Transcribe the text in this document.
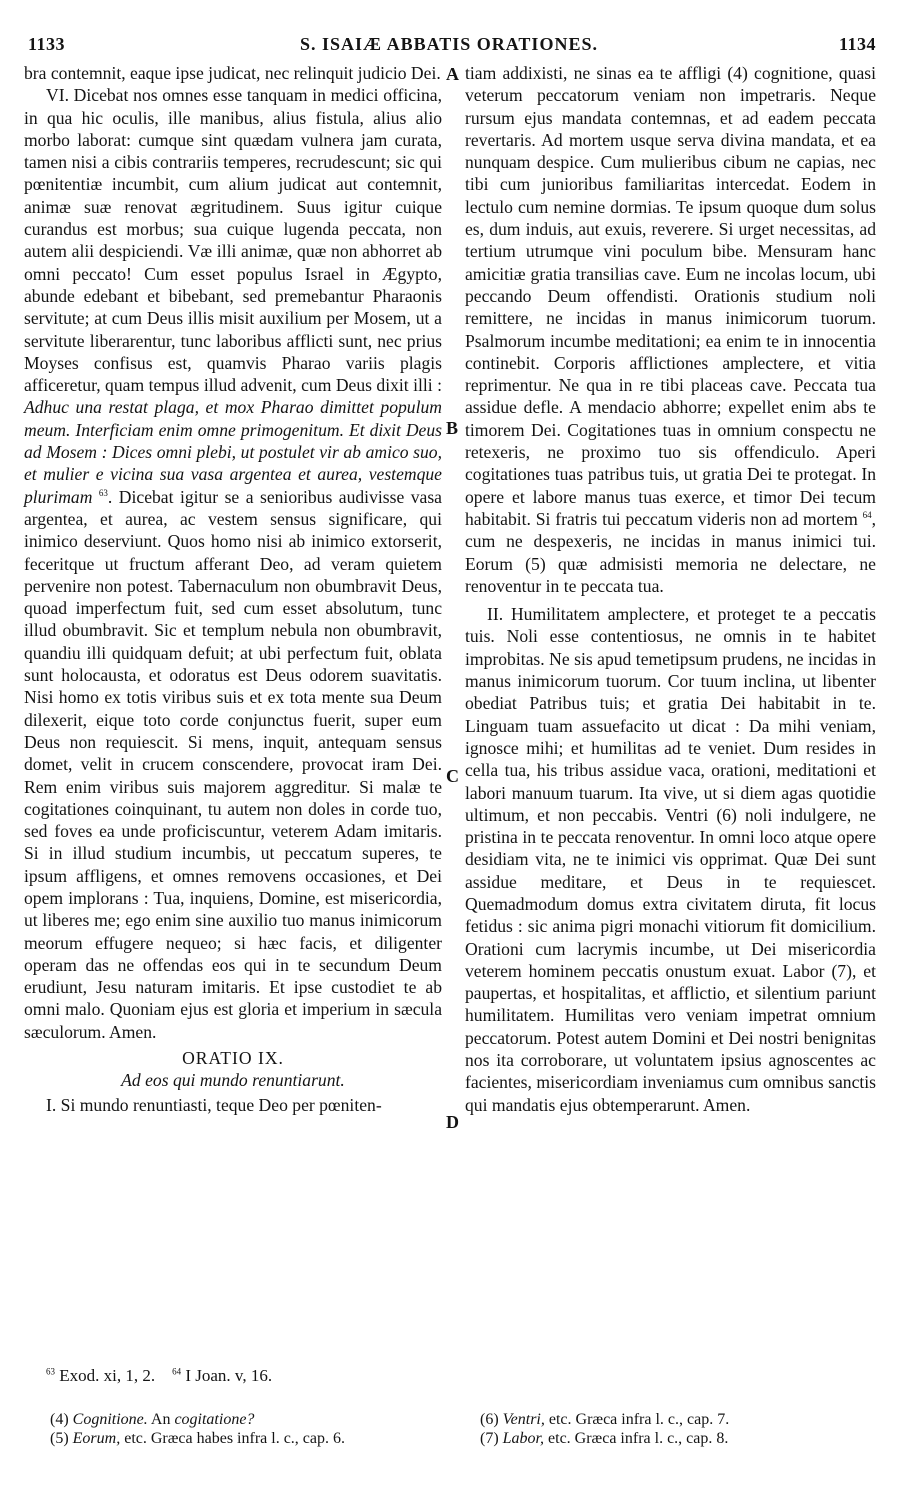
1133	S. ISAIÆ ABBATIS ORATIONES.	1134

bra contemnit, eaque ipse judicat, nec relinquit judicio Dei.

VI. Dicebat nos omnes esse tanquam in medici officina, in qua hic oculis, ille manibus, alius fistula, alius alio morbo laborat: cumque sint quædam vulnera jam curata, tamen nisi a cibis contrariis temperes, recrudescunt; sic qui pœnitentiæ incumbit, cum alium judicat aut contemnit, animæ suæ renovat ægritudinem. Suus igitur cuique curandus est morbus; sua cuique lugenda peccata, non autem alii despiciendi. Væ illi animæ, quæ non abhorret ab omni peccato! Cum esset populus Israel in Ægypto, abunde edebant et bibebant, sed premebantur Pharaonis servitute; at cum Deus illis misit auxilium per Mosem, ut a servitute liberarentur, tunc laboribus afflicti sunt, nec prius Moyses confisus est, quamvis Pharao variis plagis afficeretur, quam tempus illud advenit, cum Deus dixit illi : Adhuc una restat plaga, et mox Pharao dimittet populum meum. Interficiam enim omne primogenitum. Et dixit Deus ad Mosem : Dices omni plebi, ut postulet vir ab amico suo, et mulier e vicina sua vasa argentea et aurea, vestemque plurimam $^{63}$. Dicebat igitur se a senioribus audivisse vasa argentea, et aurea, ac vestem sensus significare, qui inimico deserviunt. Quos homo nisi ab inimico extorserit, feceritque ut fructum afferant Deo, ad veram quietem pervenire non potest. Tabernaculum non obumbravit Deus, quoad imperfectum fuit, sed cum esset absolutum, tunc illud obumbravit. Sic et templum nebula non obumbravit, quandiu illi quidquam defuit; at ubi perfectum fuit, oblata sunt holocausta, et odoratus est Deus odorem suavitatis. Nisi homo ex totis viribus suis et ex tota mente sua Deum dilexerit, eique toto corde conjunctus fuerit, super eum Deus non requiescit. Si mens, inquit, antequam sensus domet, velit in crucem conscendere, provocat iram Dei. Rem enim viribus suis majorem aggreditur. Si malæ te cogitationes coinquinant, tu autem non doles in corde tuo, sed foves ea unde proficiscuntur, veterem Adam imitaris. Si in illud studium incumbis, ut peccatum superes, te ipsum affligens, et omnes removens occasiones, et Dei opem implorans : Tua, inquiens, Domine, est misericordia, ut liberes me; ego enim sine auxilio tuo manus inimicorum meorum effugere nequeo; si hæc facis, et diligenter operam das ne offendas eos qui in te secundum Deum erudiunt, Jesu naturam imitaris. Et ipse custodiet te ab omni malo. Quoniam ejus est gloria et imperium in sæcula sæculorum. Amen.

ORATIO IX.

Ad eos qui mundo renuntiarunt.

I. Si mundo renuntiasti, teque Deo per pœniten-

A
B
C
D

tiam addixisti, ne sinas ea te affligi (4) cognitione, quasi veterum peccatorum veniam non impetraris. Neque rursum ejus mandata contemnas, et ad eadem peccata revertaris. Ad mortem usque serva divina mandata, et ea nunquam despice. Cum mulieribus cibum ne capias, nec tibi cum junioribus familiaritas intercedat. Eodem in lectulo cum nemine dormias. Te ipsum quoque dum solus es, dum induis, aut exuis, reverere. Si urget necessitas, ad tertium utrumque vini poculum bibe. Mensuram hanc amicitiæ gratia transilias cave. Eum ne incolas locum, ubi peccando Deum offendisti. Orationis studium noli remittere, ne incidas in manus inimicorum tuorum. Psalmorum incumbe meditationi; ea enim te in innocentia continebit. Corporis afflictiones amplectere, et vitia reprimentur. Ne qua in re tibi placeas cave. Peccata tua assidue defle. A mendacio abhorre; expellet enim abs te timorem Dei. Cogitationes tuas in omnium conspectu ne retexeris, ne proximo tuo sis offendiculo. Aperi cogitationes tuas patribus tuis, ut gratia Dei te protegat. In opere et labore manus tuas exerce, et timor Dei tecum habitabit. Si fratris tui peccatum videris non ad mortem $^{64}$, cum ne despexeris, ne incidas in manus inimici tui. Eorum (5) quæ admisisti memoria ne delectare, ne renoventur in te peccata tua.

II. Humilitatem amplectere, et proteget te a peccatis tuis. Noli esse contentiosus, ne omnis in te habitet improbitas. Ne sis apud temetipsum prudens, ne incidas in manus inimicorum tuorum. Cor tuum inclina, ut libenter obediat Patribus tuis; et gratia Dei habitabit in te. Linguam tuam assuefacito ut dicat : Da mihi veniam, ignosce mihi; et humilitas ad te veniet. Dum resides in cella tua, his tribus assidue vaca, orationi, meditationi et labori manuum tuarum. Ita vive, ut si diem agas quotidie ultimum, et non peccabis. Ventri (6) noli indulgere, ne pristina in te peccata renoventur. In omni loco atque opere desidiam vita, ne te inimici vis opprimat. Quæ Dei sunt assidue meditare, et Deus in te requiescet. Quemadmodum domus extra civitatem diruta, fit locus fetidus : sic anima pigri monachi vitiorum fit domicilium. Orationi cum lacrymis incumbe, ut Dei misericordia veterem hominem peccatis onustum exuat. Labor (7), et paupertas, et hospitalitas, et afflictio, et silentium pariunt humilitatem. Humilitas vero veniam impetrat omnium peccatorum. Potest autem Domini et Dei nostri benignitas nos ita corroborare, ut voluntatem ipsius agnoscentes ac facientes, misericordiam inveniamus cum omnibus sanctis qui mandatis ejus obtemperarunt. Amen.

$^{63}$ Exod. xi, 1, 2. $^{64}$ I Joan. v, 16.
(4) Cognitione. An cogitatione?
(5) Eorum, etc. Græca habes infra l. c., cap. 6.
(6) Ventri, etc. Græca infra l. c., cap. 7.
(7) Labor, etc. Græca infra l. c., cap. 8.
